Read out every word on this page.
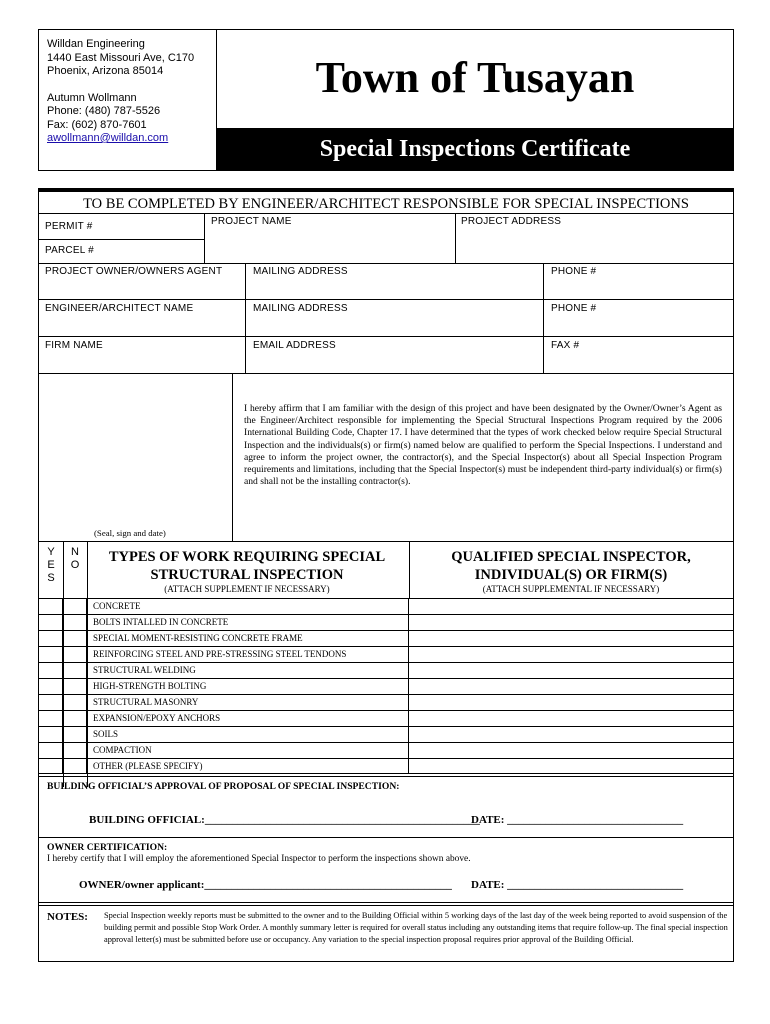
Willdan Engineering
1440 East Missouri Ave, C170
Phoenix, Arizona 85014
Autumn Wollmann
Phone: (480) 787-5526
Fax: (602) 870-7601
awollmann@willdan.com
Town of Tusayan
Special Inspections Certificate
TO BE COMPLETED BY ENGINEER/ARCHITECT RESPONSIBLE FOR SPECIAL INSPECTIONS
PERMIT #	PROJECT NAME	PROJECT ADDRESS
PARCEL #
PROJECT OWNER/OWNERS AGENT	MAILING ADDRESS	PHONE #
ENGINEER/ARCHITECT NAME	MAILING ADDRESS	PHONE #
FIRM NAME	EMAIL ADDRESS	FAX #
I hereby affirm that I am familiar with the design of this project and have been designated by the Owner/Owner’s Agent as the Engineer/Architect responsible for implementing the Special Structural Inspections Program required by the 2006 International Building Code, Chapter 17. I have determined that the types of work checked below require Special Structural Inspection and the individuals(s) or firm(s) named below are qualified to perform the Special Inspections. I understand and agree to inform the project owner, the contractor(s), and the Special Inspector(s) about all Special Inspection Program requirements and limitations, including that the Special Inspector(s) must be independent third-party individual(s) or firm(s) and shall not be the installing contractor(s).
(Seal, sign and date)
Y
E
S
N
O	TYPES OF WORK REQUIRING SPECIAL STRUCTURAL INSPECTION
(ATTACH SUPPLEMENT IF NECESSARY)
QUALIFIED SPECIAL INSPECTOR, INDIVIDUAL(S) OR FIRM(S)
(ATTACH SUPPLEMENTAL IF NECESSARY)
CONCRETE
BOLTS INTALLED IN CONCRETE
SPECIAL MOMENT-RESISTING CONCRETE FRAME
REINFORCING STEEL AND PRE-STRESSING STEEL TENDONS
STRUCTURAL WELDING
HIGH-STRENGTH BOLTING
STRUCTURAL MASONRY
EXPANSION/EPOXY ANCHORS
SOILS
COMPACTION
OTHER (PLEASE SPECIFY)
BUILDING OFFICIAL’S APPROVAL OF PROPOSAL OF SPECIAL INSPECTION:
BUILDING OFFICIAL:__________________________________________________
DATE: ________________________________
OWNER CERTIFICATION:
I hereby certify that I will employ the aforementioned Special Inspector to perform the inspections shown above.
OWNER/owner applicant:_____________________________________________ DATE: ________________________________
NOTES: Special Inspection weekly reports must be submitted to the owner and to the Building Official within 5 working days of the last day of the week being reported to avoid suspension of the building permit and possible Stop Work Order. A monthly summary letter is required for overall status including any outstanding items that require follow-up. The final special inspection approval letter(s) must be submitted before use or occupancy. Any variation to the special inspection proposal requires prior approval of the Building Official.
